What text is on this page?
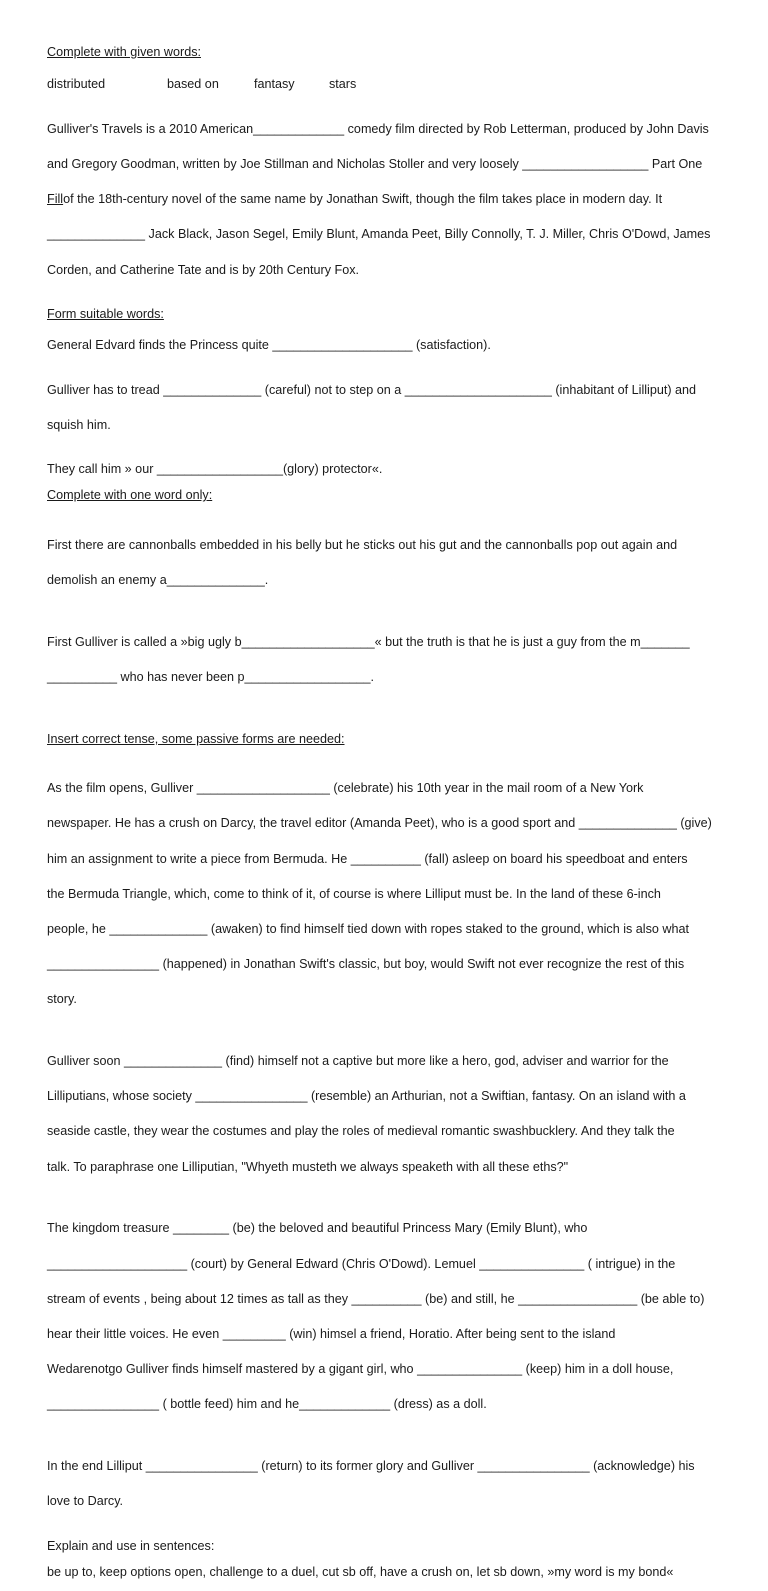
Complete with given words:
distributed	based on	fantasy	stars

Gulliver's Travels is a 2010 American_____________ comedy film directed by Rob Letterman, produced by John Davis

and Gregory Goodman, written by Joe Stillman and Nicholas Stoller and very loosely __________________ Part One

Fillof the 18th-century novel of the same name by Jonathan Swift, though the film takes place in modern day. It

______________ Jack Black, Jason Segel, Emily Blunt, Amanda Peet, Billy Connolly, T. J. Miller, Chris O'Dowd, James

Corden, and Catherine Tate and is by 20th Century Fox.

Form suitable words:
General Edvard finds the Princess quite ____________________ (satisfaction).

Gulliver has to tread ______________ (careful) not to step on a _____________________ (inhabitant of Lilliput) and

squish him.

They call him » our __________________(glory) protector«.
Complete with one word only:

First there are cannonballs embedded in his belly but he sticks out his gut and the cannonballs pop out again and

demolish an enemy a______________.

First Gulliver is called a »big ugly b___________________« but the truth is that he is just a guy from the m_______

__________ who has never been p__________________.

Insert correct tense, some passive forms are needed:

As the film opens, Gulliver ___________________ (celebrate) his 10th year in the mail room of a New York

newspaper. He has a crush on Darcy, the travel editor (Amanda Peet), who is a good sport and ______________ (give)

him an assignment to write a piece from Bermuda. He __________ (fall) asleep on board his speedboat and enters

the Bermuda Triangle, which, come to think of it, of course is where Lilliput must be. In the land of these 6-inch

people, he ______________ (awaken) to find himself tied down with ropes staked to the ground, which is also what

________________ (happened) in Jonathan Swift's classic, but boy, would Swift not ever recognize the rest of this

story.

Gulliver soon ______________ (find) himself not a captive but more like a hero, god, adviser and warrior for the

Lilliputians, whose society ________________ (resemble) an Arthurian, not a Swiftian, fantasy. On an island with a

seaside castle, they wear the costumes and play the roles of medieval romantic swashbucklery. And they talk the

talk. To paraphrase one Lilliputian, "Whyeth musteth we always speaketh with all these eths?"

The kingdom treasure ________ (be) the beloved and beautiful Princess Mary (Emily Blunt), who

____________________ (court) by General Edward (Chris O'Dowd). Lemuel _______________ ( intrigue) in the

stream of events , being about 12 times as tall as they __________ (be) and still, he _________________ (be able to)

hear their little voices. He even _________ (win) himsel a friend, Horatio. After being sent to the island

Wedarenotgo Gulliver finds himself mastered by a gigant girl, who _______________ (keep) him in a doll house,

________________ ( bottle feed) him and he_____________ (dress) as a doll.

In the end Lilliput ________________ (return) to its former glory and Gulliver ________________ (acknowledge) his

love to Darcy.

Explain and use in sentences:
be up to, keep options open, challenge to a duel, cut sb off, have a crush on, let sb down, »my word is my bond«
